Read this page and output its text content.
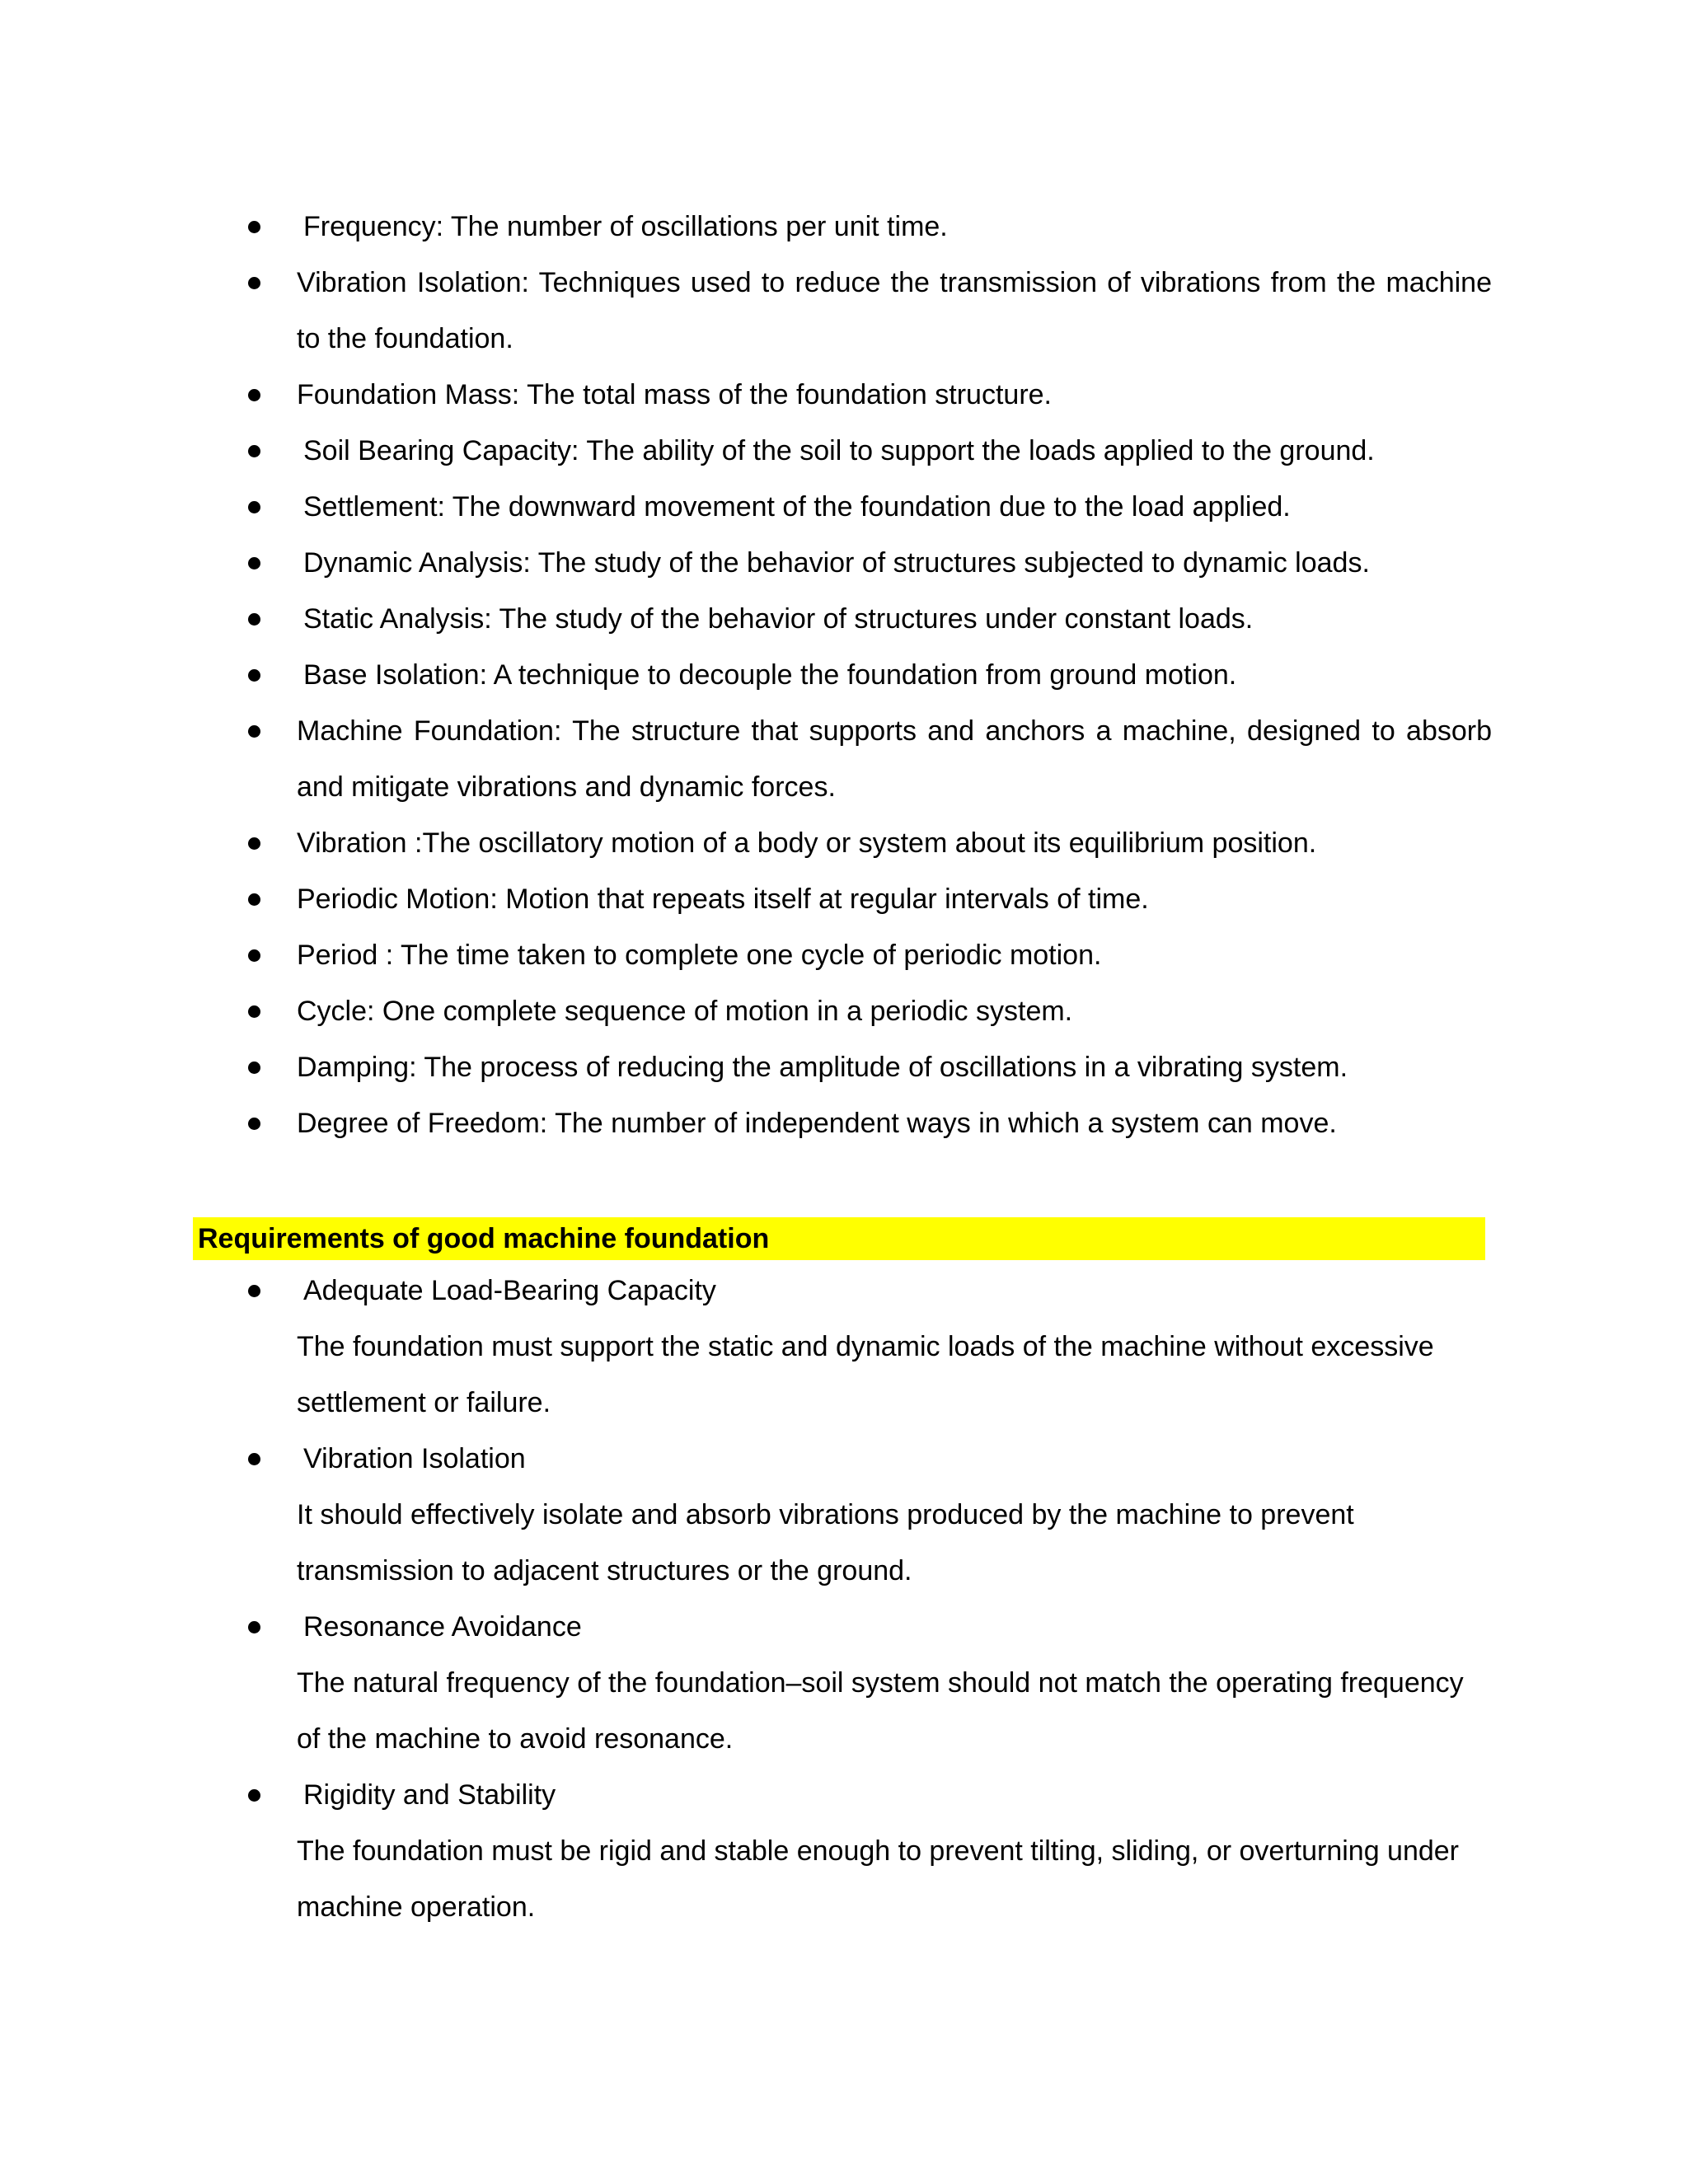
Frequency: The number of oscillations per unit time.
Vibration Isolation: Techniques used to reduce the transmission of vibrations from the machine to the foundation.
Foundation Mass: The total mass of the foundation structure.
Soil Bearing Capacity: The ability of the soil to support the loads applied to the ground.
Settlement: The downward movement of the foundation due to the load applied.
Dynamic Analysis: The study of the behavior of structures subjected to dynamic loads.
Static Analysis: The study of the behavior of structures under constant loads.
Base Isolation: A technique to decouple the foundation from ground motion.
Machine Foundation: The structure that supports and anchors a machine, designed to absorb and mitigate vibrations and dynamic forces.
Vibration :The oscillatory motion of a body or system about its equilibrium position.
Periodic Motion: Motion that repeats itself at regular intervals of time.
Period : The time taken to complete one cycle of periodic motion.
Cycle: One complete sequence of motion in a periodic system.
Damping: The process of reducing the amplitude of oscillations in a vibrating system.
Degree of Freedom: The number of independent ways in which a system can move.
Requirements of good machine foundation
Adequate Load-Bearing Capacity
The foundation must support the static and dynamic loads of the machine without excessive
settlement or failure.
Vibration Isolation
It should effectively isolate and absorb vibrations produced by the machine to prevent
transmission to adjacent structures or the ground.
Resonance Avoidance
The natural frequency of the foundation–soil system should not match the operating frequency
of the machine to avoid resonance.
Rigidity and Stability
The foundation must be rigid and stable enough to prevent tilting, sliding, or overturning under
machine operation.
